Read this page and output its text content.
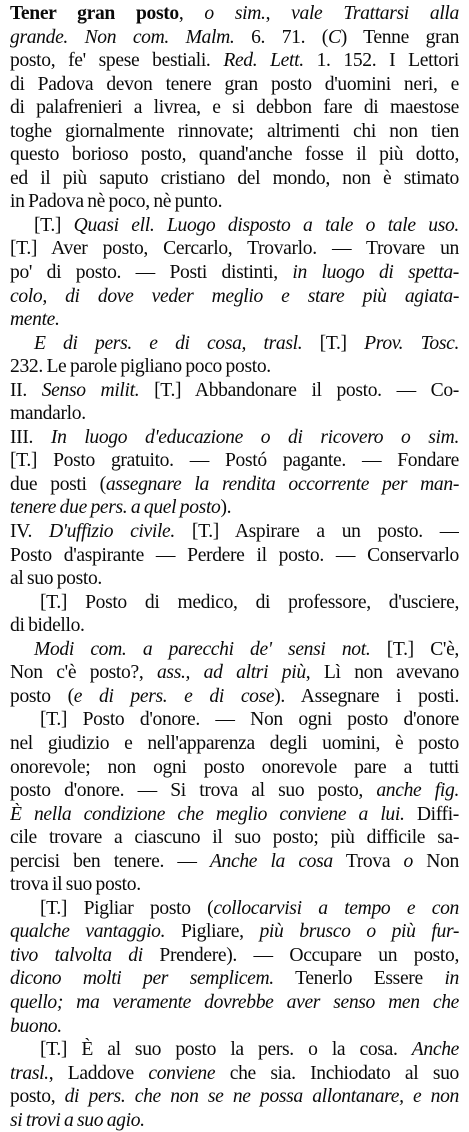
Tener gran posto, o sim., vale Trattarsi alla
grande. Non com. Malm. 6. 71. (C) Tenne gran
posto, fe' spese bestiali. Red. Lett. 1. 152. I Lettori
di Padova devon tenere gran posto d'uomini neri, e
di palafrenieri a livrea, e si debbon fare di maestose
toghe giornalmente rinnovate; altrimenti chi non tien
questo borioso posto, quand'anche fosse il più dotto,
ed il più saputo cristiano del mondo, non è stimato
in Padova nè poco, nè punto.
[T.] Quasi ell. Luogo disposto a tale o tale uso.
[T.] Aver posto, Cercarlo, Trovarlo. — Trovare un
po' di posto. — Posti distinti, in luogo di spetta-
colo, di dove veder meglio e stare più agiata-
mente.
E di pers. e di cosa, trasl. [T.] Prov. Tosc.
232. Le parole pigliano poco posto.
II. Senso milit. [T.] Abbandonare il posto. — Co-
mandarlo.
III. In luogo d'educazione o di ricovero o sim.
[T.] Posto gratuito. — Postó pagante. — Fondare
due posti (assegnare la rendita occorrente per man-
tenere due pers. a quel posto).
IV. D'uffizio civile. [T.] Aspirare a un posto. —
Posto d'aspirante — Perdere il posto. — Conservarlo
al suo posto.
[T.] Posto di medico, di professore, d'usciere,
di bidello.
Modi com. a parecchi de' sensi not. [T.] C'è,
Non c'è posto?, ass., ad altri più, Lì non avevano
posto (e di pers. e di cose). Assegnare i posti.
[T.] Posto d'onore. — Non ogni posto d'onore
nel giudizio e nell'apparenza degli uomini, è posto
onorevole; non ogni posto onorevole pare a tutti
posto d'onore. — Si trova al suo posto, anche fig.
È nella condizione che meglio conviene a lui. Diffi-
cile trovare a ciascuno il suo posto; più difficile sa-
percisi ben tenere. — Anche la cosa Trova o Non
trova il suo posto.
[T.] Pigliar posto (collocarvisi a tempo e con
qualche vantaggio. Pigliare, più brusco o più fur-
tivo talvolta di Prendere). — Occupare un posto,
dicono molti per semplicem. Tenerlo Essere in
quello; ma veramente dovrebbe aver senso men che
buono.
[T.] È al suo posto la pers. o la cosa. Anche
trasl., Laddove conviene che sia. Inchiodato al suo
posto, di pers. che non se ne possa allontanare, e non
si trovi a suo agio.
